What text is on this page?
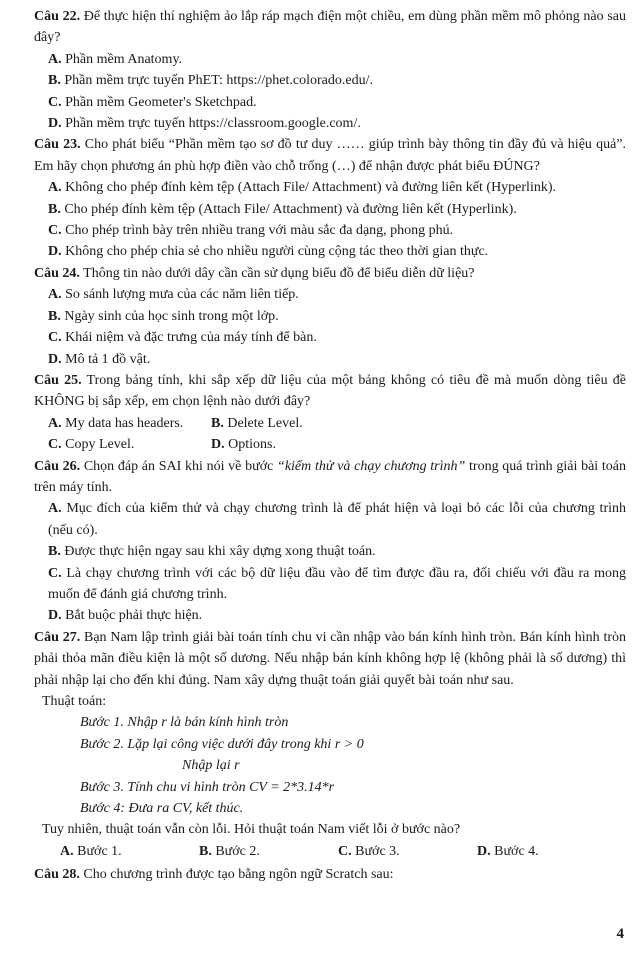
Câu 22. Để thực hiện thí nghiệm ảo lắp ráp mạch điện một chiều, em dùng phần mềm mô phỏng nào sau đây?
A. Phần mềm Anatomy.
B. Phần mềm trực tuyến PhET: https://phet.colorado.edu/.
C. Phần mềm Geometer's Sketchpad.
D. Phần mềm trực tuyến https://classroom.google.com/.
Câu 23. Cho phát biểu “Phần mềm tạo sơ đồ tư duy …… giúp trình bày thông tin đầy đủ và hiệu quả”. Em hãy chọn phương án phù hợp điền vào chỗ trống (…) để nhận được phát biểu ĐÚNG?
A. Không cho phép đính kèm tệp (Attach File/ Attachment) và đường liên kết (Hyperlink).
B. Cho phép đính kèm tệp (Attach File/ Attachment) và đường liên kết (Hyperlink).
C. Cho phép trình bày trên nhiều trang với màu sắc đa dạng, phong phú.
D. Không cho phép chia sẻ cho nhiều người cùng cộng tác theo thời gian thực.
Câu 24. Thông tin nào dưới dây cần cần sử dụng biểu đồ để biểu diễn dữ liệu?
A. So sánh lượng mưa của các năm liên tiếp.
B. Ngày sinh của học sinh trong một lớp.
C. Khái niệm và đặc trưng của máy tính để bàn.
D. Mô tả 1 đồ vật.
Câu 25. Trong bảng tính, khi sắp xếp dữ liệu của một bảng không có tiêu đề mà muốn dòng tiêu đề KHÔNG bị sắp xếp, em chọn lệnh nào dưới đây?
A. My data has headers.	B. Delete Level.
C. Copy Level.	D. Options.
Câu 26. Chọn đáp án SAI khi nói về bước “kiểm thử và chạy chương trình” trong quá trình giải bài toán trên máy tính.
A. Mục đích của kiểm thử và chạy chương trình là để phát hiện và loại bỏ các lỗi của chương trình (nếu có).
B. Được thực hiện ngay sau khi xây dựng xong thuật toán.
C. Là chạy chương trình với các bộ dữ liệu đầu vào để tìm được đầu ra, đối chiếu với đầu ra mong muốn để đánh giá chương trình.
D. Bắt buộc phải thực hiện.
Câu 27. Bạn Nam lập trình giải bài toán tính chu vi cần nhập vào bán kính hình tròn. Bán kính hình tròn phải thỏa mãn điều kiện là một số dương. Nếu nhập bán kính không hợp lệ (không phải là số dương) thì phải nhập lại cho đến khi đúng. Nam xây dựng thuật toán giải quyết bài toán như sau.
Thuật toán:
Bước 1. Nhập r là bán kính hình tròn
Bước 2. Lặp lại công việc dưới đây trong khi r > 0
Nhập lại r
Bước 3. Tính chu vi hình tròn CV = 2*3.14*r
Bước 4: Đưa ra CV, kết thúc.
Tuy nhiên, thuật toán vẫn còn lỗi. Hỏi thuật toán Nam viết lỗi ở bước nào?
A. Bước 1.	B. Bước 2.	C. Bước 3.	D. Bước 4.
Câu 28. Cho chương trình được tạo bằng ngôn ngữ Scratch sau:
4
